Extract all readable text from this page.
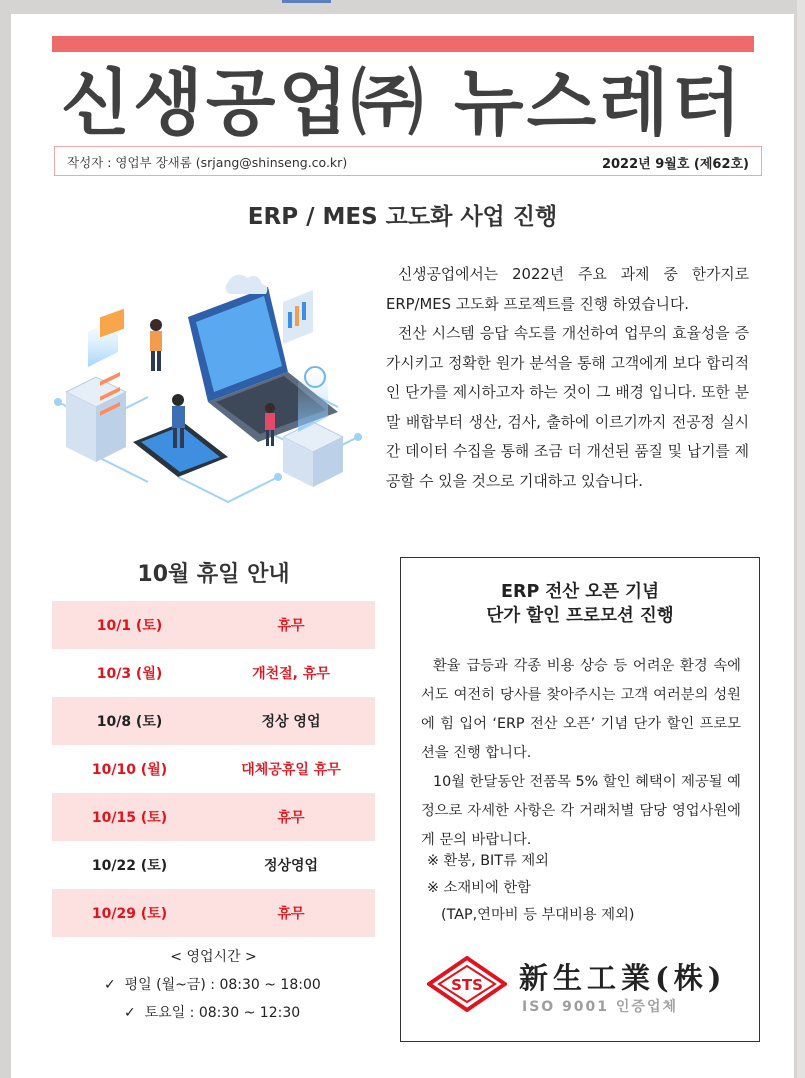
신생공업㈜ 뉴스레터
작성자 : 영업부 장새롬 (srjang@shinseng.co.kr)	2022년 9월호 (제62호)
ERP / MES 고도화 사업 진행

신생공업에서는 2022년 주요 과제 중 한가지로 ERP/MES 고도화 프로젝트를 진행 하였습니다.

전산 시스템 응답 속도를 개선하여 업무의 효율성을 증가시키고 정확한 원가 분석을 통해 고객에게 보다 합리적인 단가를 제시하고자 하는 것이 그 배경 입니다. 또한 분말 배합부터 생산, 검사, 출하에 이르기까지 전공정 실시간 데이터 수집을 통해 조금 더 개선된 품질 및 납기를 제공할 수 있을 것으로 기대하고 있습니다.

10월 휴일 안내
10/1 (토)	휴무
10/3 (월)	개천절, 휴무
10/8 (토)	정상 영업
10/10 (월)	대체공휴일 휴무
10/15 (토)	휴무
10/22 (토)	정상영업
10/29 (토)	휴무
< 영업시간 >
✓ 평일 (월~금) : 08:30 ~ 18:00
✓ 토요일 : 08:30 ~ 12:30
ERP 전산 오픈 기념
단가 할인 프로모션 진행

환율 급등과 각종 비용 상승 등 어려운 환경 속에서도 여전히 당사를 찾아주시는 고객 여러분의 성원에 힘 입어 ‘ERP 전산 오픈’ 기념 단가 할인 프로모션을 진행 합니다.

10월 한달동안 전품목 5% 할인 혜택이 제공될 예정으로 자세한 사항은 각 거래처별 담당 영업사원에게 문의 바랍니다.

※ 환봉, BIT류 제외
※ 소재비에 한함
(TAP,연마비 등 부대비용 제외)
STS 新生工業(株)
ISO 9001 인증업체
